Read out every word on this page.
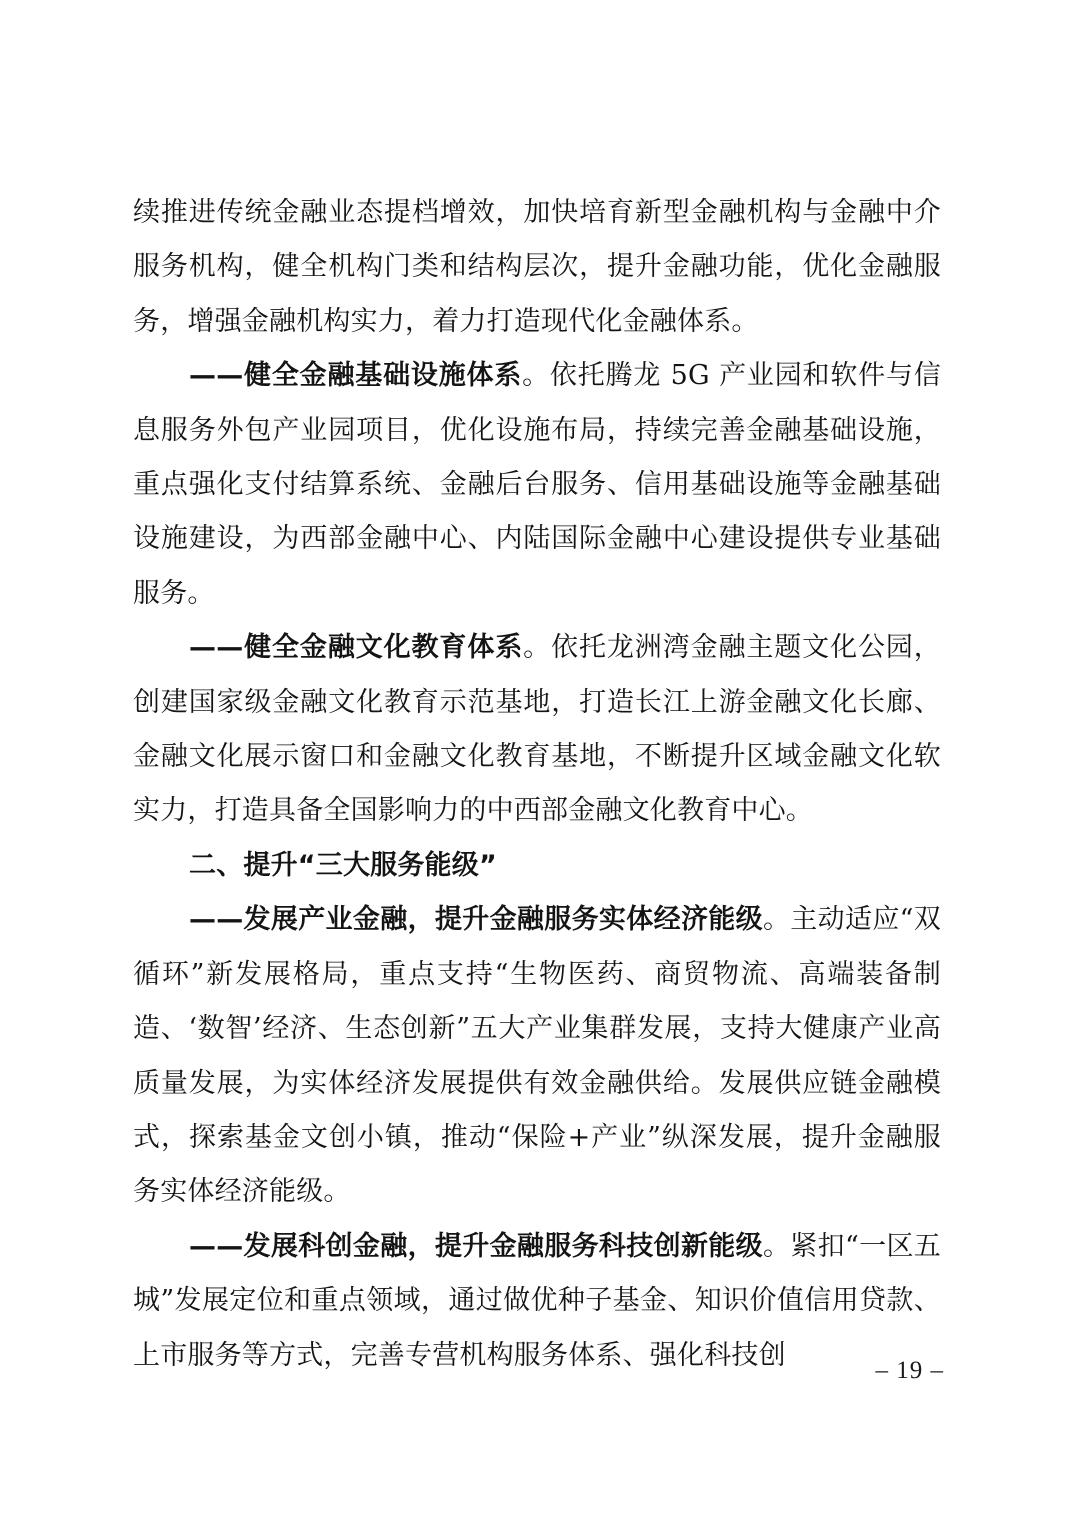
续推进传统金融业态提档增效，加快培育新型金融机构与金融中介服务机构，健全机构门类和结构层次，提升金融功能，优化金融服务，增强金融机构实力，着力打造现代化金融体系。

——健全金融基础设施体系。依托腾龙 5G 产业园和软件与信息服务外包产业园项目，优化设施布局，持续完善金融基础设施，重点强化支付结算系统、金融后台服务、信用基础设施等金融基础设施建设，为西部金融中心、内陆国际金融中心建设提供专业基础服务。

——健全金融文化教育体系。依托龙洲湾金融主题文化公园，创建国家级金融文化教育示范基地，打造长江上游金融文化长廊、金融文化展示窗口和金融文化教育基地，不断提升区域金融文化软实力，打造具备全国影响力的中西部金融文化教育中心。

二、提升“三大服务能级”

——发展产业金融，提升金融服务实体经济能级。主动适应“双循环”新发展格局，重点支持“生物医药、商贸物流、高端装备制造、‘数智’经济、生态创新”五大产业集群发展，支持大健康产业高质量发展，为实体经济发展提供有效金融供给。发展供应链金融模式，探索基金文创小镇，推动“保险+产业”纵深发展，提升金融服务实体经济能级。

——发展科创金融，提升金融服务科技创新能级。紧扣“一区五城”发展定位和重点领域，通过做优种子基金、知识价值信用贷款、上市服务等方式，完善专营机构服务体系、强化科技创	– 19 –
